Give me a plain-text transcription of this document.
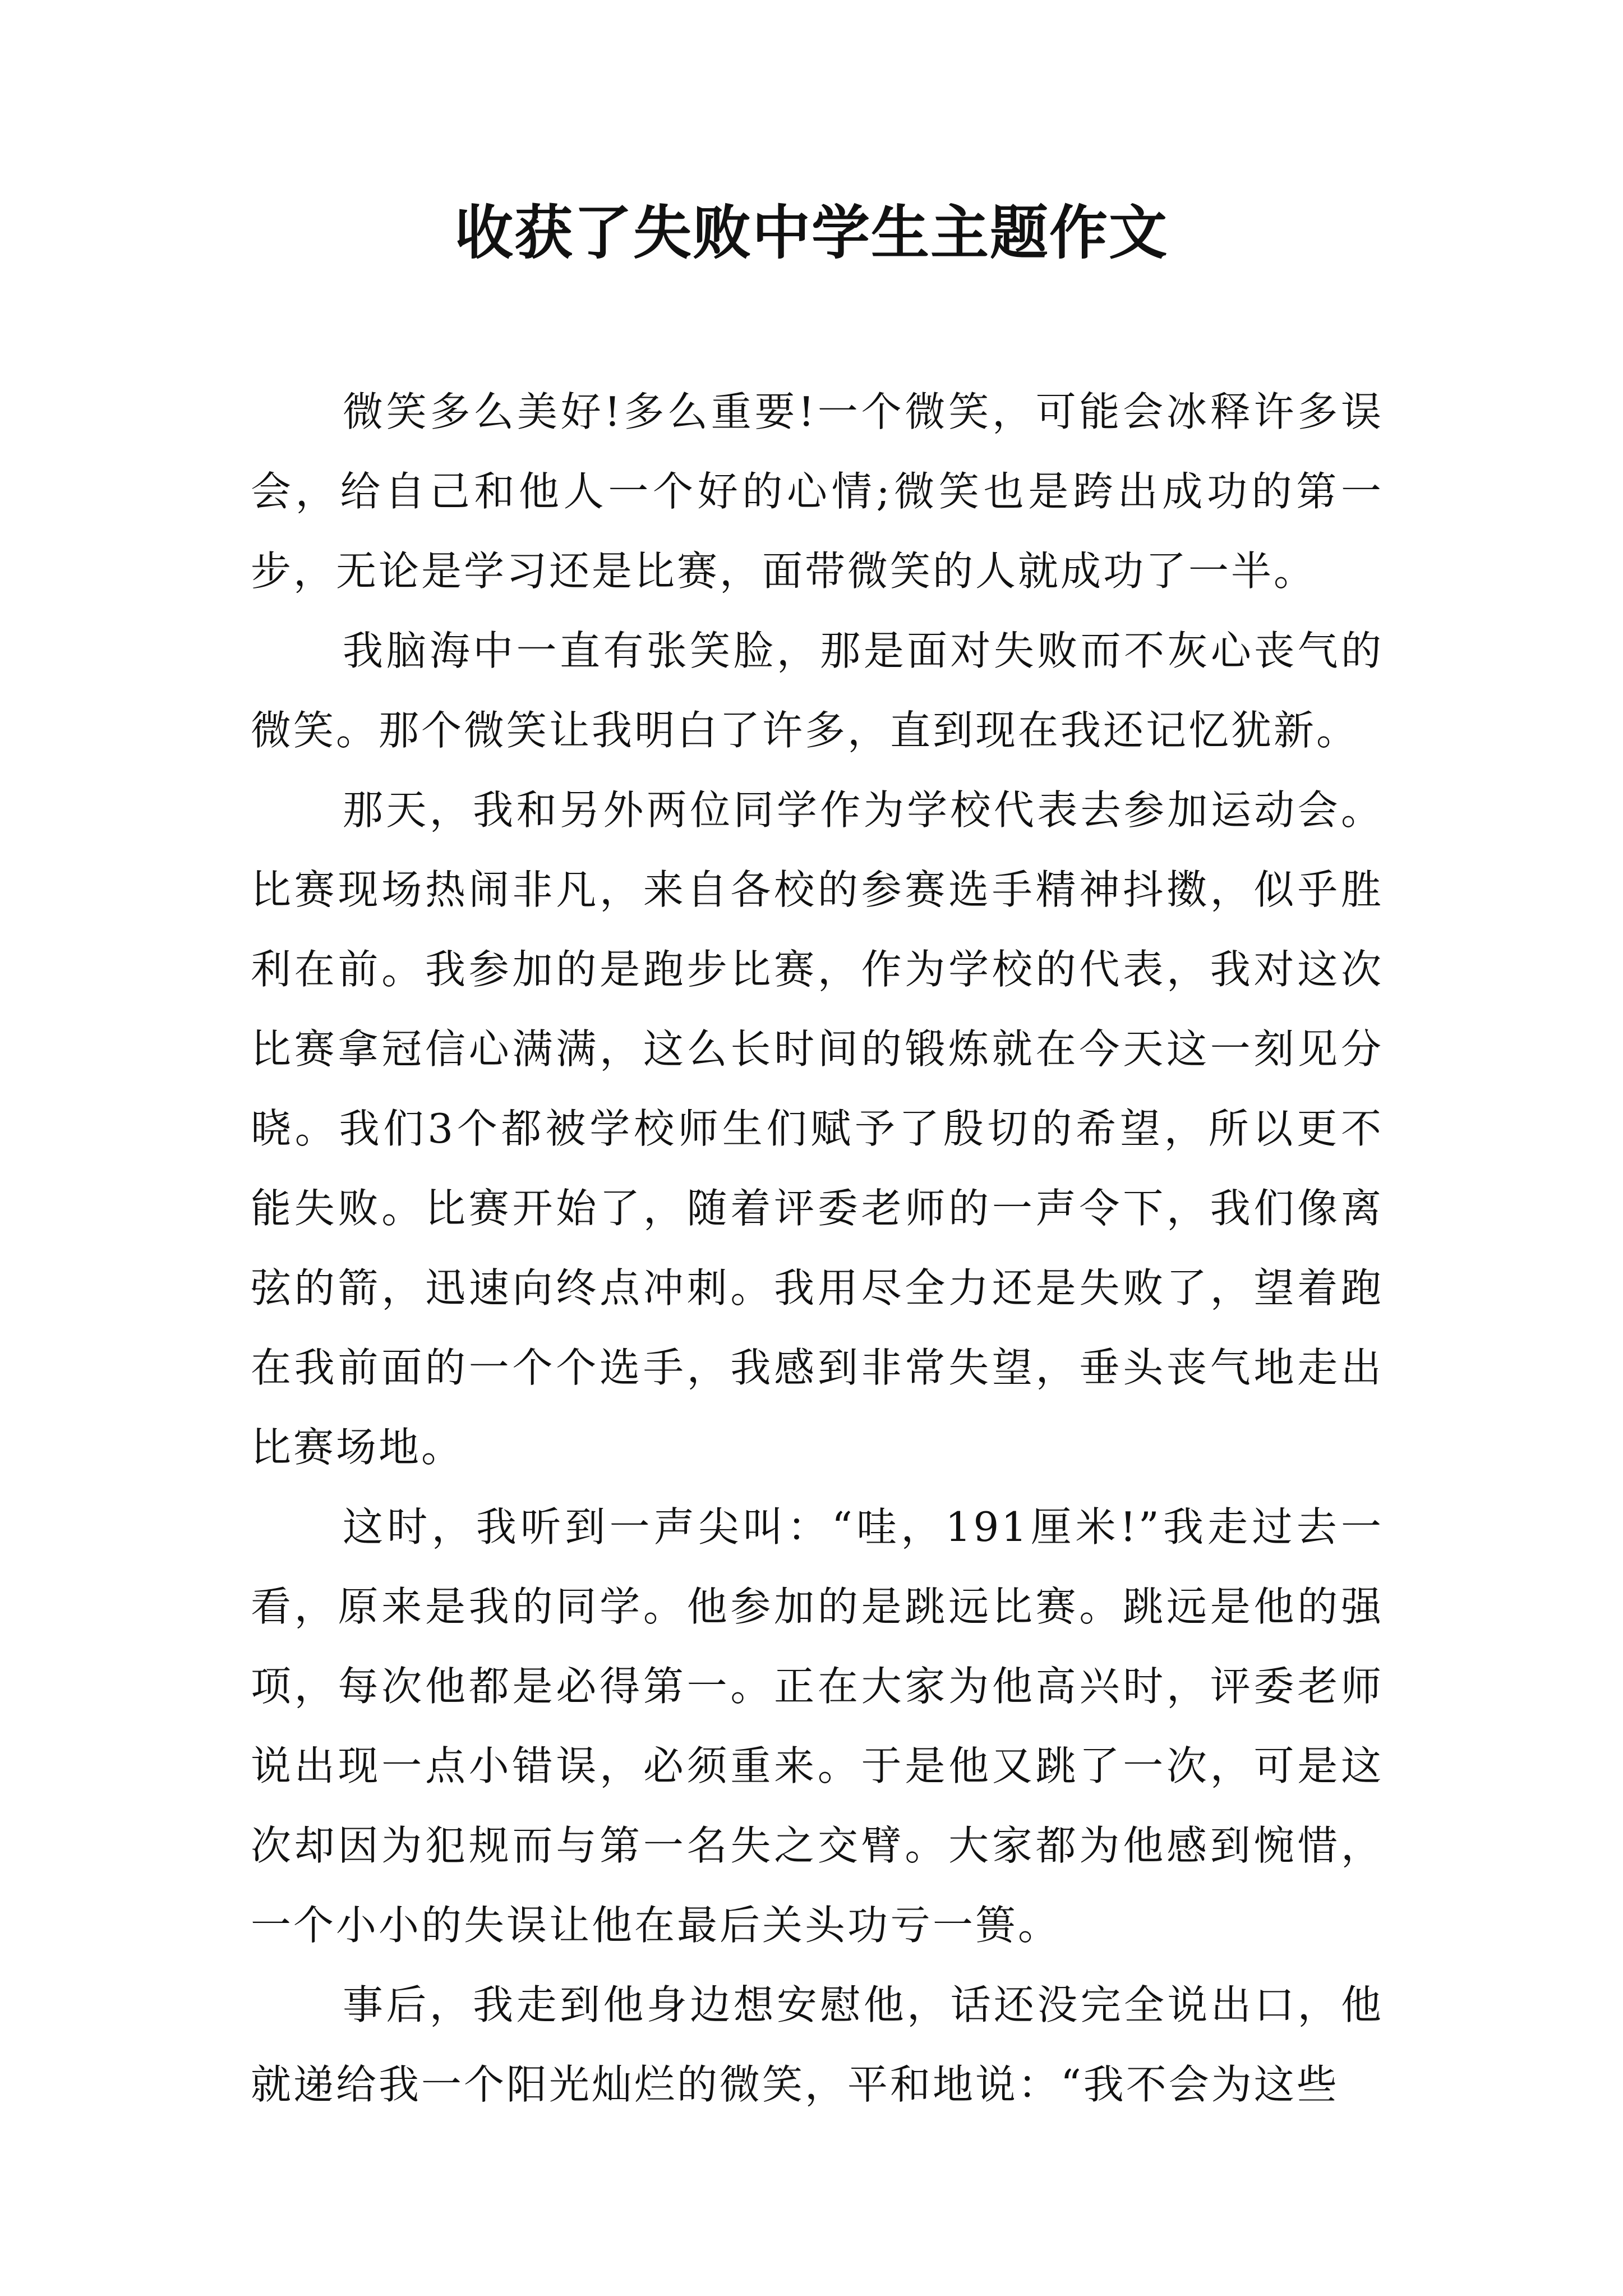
收获了失败中学生主题作文

微笑多么美好!多么重要!一个微笑，可能会冰释许多误会，给自己和他人一个好的心情;微笑也是跨出成功的第一步，无论是学习还是比赛，面带微笑的人就成功了一半。

我脑海中一直有张笑脸，那是面对失败而不灰心丧气的微笑。那个微笑让我明白了许多，直到现在我还记忆犹新。

那天，我和另外两位同学作为学校代表去参加运动会。比赛现场热闹非凡，来自各校的参赛选手精神抖擞，似乎胜利在前。我参加的是跑步比赛，作为学校的代表，我对这次比赛拿冠信心满满，这么长时间的锻炼就在今天这一刻见分晓。我们3个都被学校师生们赋予了殷切的希望，所以更不能失败。比赛开始了，随着评委老师的一声令下，我们像离弦的箭，迅速向终点冲刺。我用尽全力还是失败了，望着跑在我前面的一个个选手，我感到非常失望，垂头丧气地走出比赛场地。

这时，我听到一声尖叫：“哇，191厘米!”我走过去一看，原来是我的同学。他参加的是跳远比赛。跳远是他的强项，每次他都是必得第一。正在大家为他高兴时，评委老师说出现一点小错误，必须重来。于是他又跳了一次，可是这次却因为犯规而与第一名失之交臂。大家都为他感到惋惜，一个小小的失误让他在最后关头功亏一篑。

事后，我走到他身边想安慰他，话还没完全说出口，他就递给我一个阳光灿烂的微笑，平和地说：“我不会为这些
